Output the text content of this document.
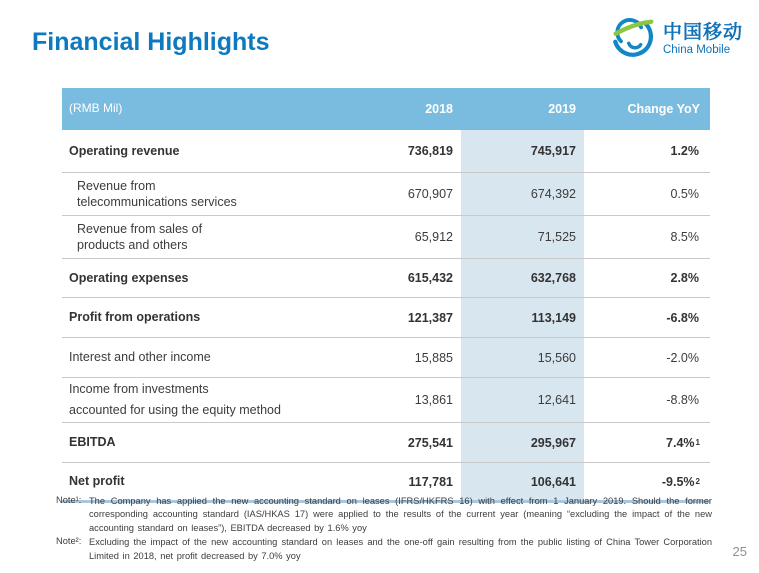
Financial Highlights	中国移动
China Mobile
(RMB Mil)	2018	2019	Change YoY
Operating revenue	736,819	745,917	1.2%
Revenue from
telecommunications services
670,907	674,392	0.5%
Revenue from sales of
products and others
65,912	71,525	8.5%
Operating expenses	615,432	632,768	2.8%
Profit from operations	121,387	113,149	-6.8%
Interest and other income	15,885	15,560	-2.0%
Income from investments
accounted for using the equity method
13,861	12,641	-8.8%
EBITDA	275,541	295,967	7.4% 1
Net profit	117,781	106,641	-9.5% 2
Note¹: The Company has applied the new accounting standard on leases (IFRS/HKFRS 16) with effect from 1 January 2019. Should the former corresponding accounting standard (IAS/HKAS 17) were applied to the results of the current year (meaning “excluding the impact of the new accounting standard on leases”), EBITDA decreased by 1.6% yoy
Note²: Excluding the impact of the new accounting standard on leases and the one-off gain resulting from the public listing of China Tower Corporation Limited in 2018, net profit decreased by 7.0% yoy	25
